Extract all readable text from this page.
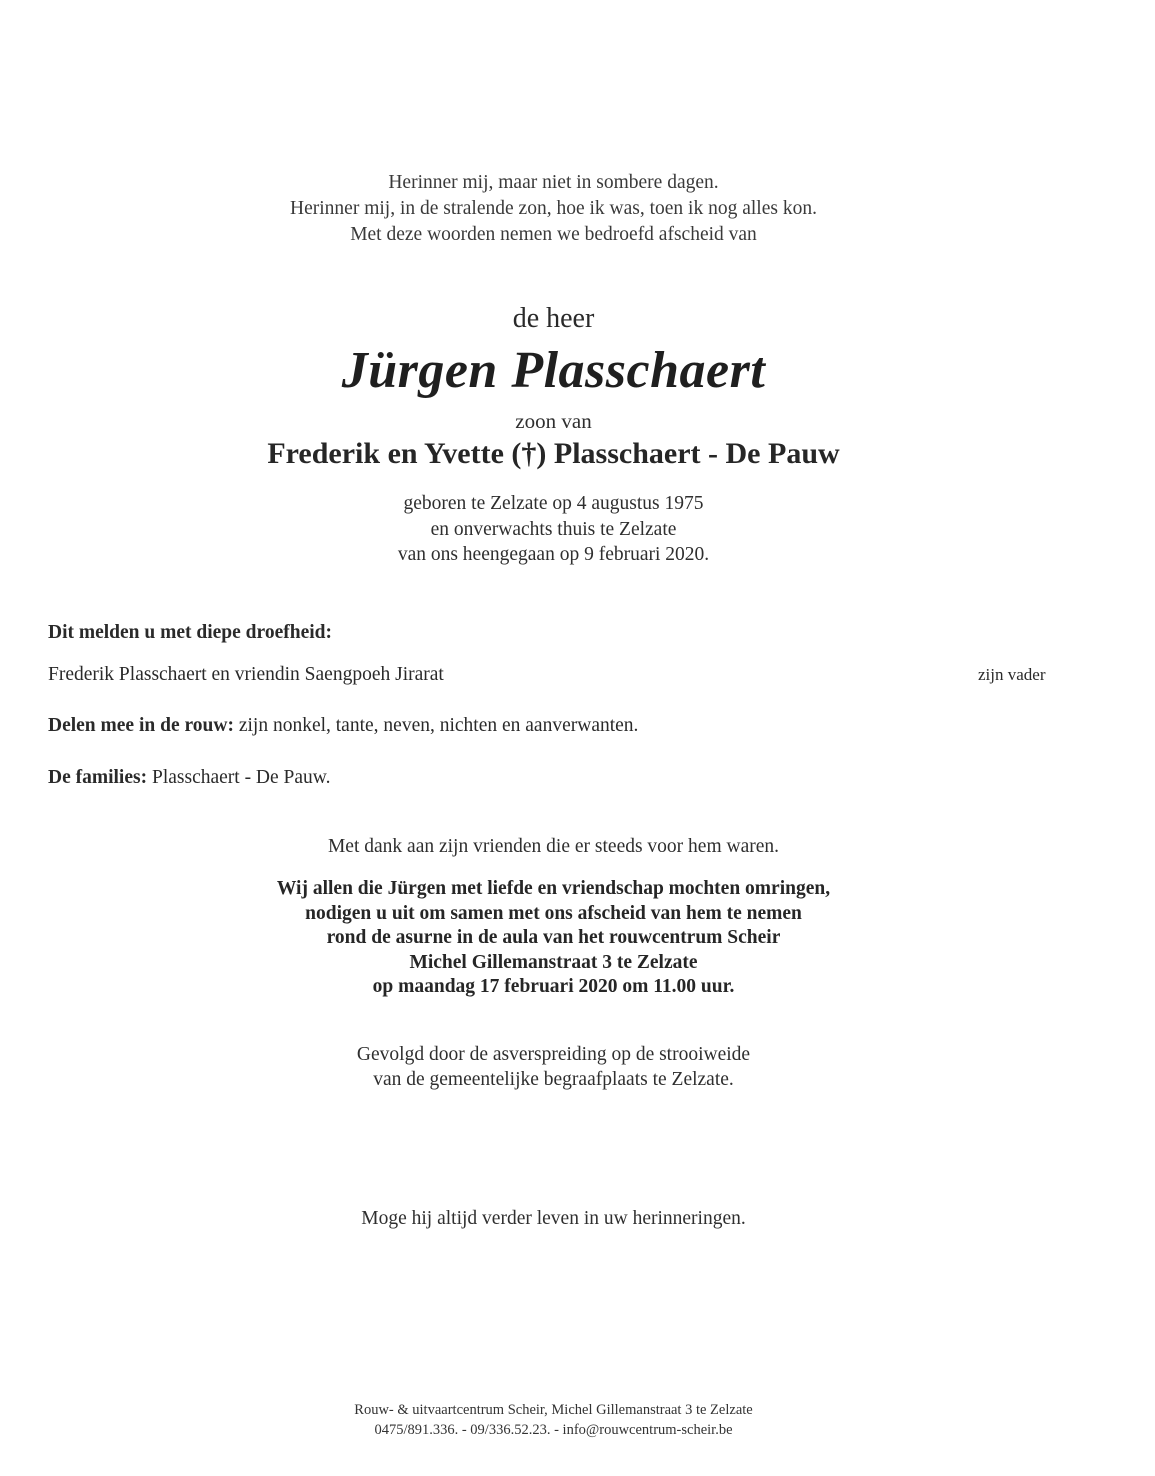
Herinner mij, maar niet in sombere dagen.
Herinner mij, in de stralende zon, hoe ik was, toen ik nog alles kon.
Met deze woorden nemen we bedroefd afscheid van
de heer
Jürgen Plasschaert
zoon van
Frederik en Yvette (†) Plasschaert - De Pauw
geboren te Zelzate op 4 augustus 1975
en onverwachts thuis te Zelzate
van ons heengegaan op 9 februari 2020.
Dit melden u met diepe droefheid:
Frederik Plasschaert en vriendin Saengpoeh Jirarat	zijn vader
Delen mee in de rouw: zijn nonkel, tante, neven, nichten en aanverwanten.
De families: Plasschaert - De Pauw.
Met dank aan zijn vrienden die er steeds voor hem waren.
Wij allen die Jürgen met liefde en vriendschap mochten omringen,
nodigen u uit om samen met ons afscheid van hem te nemen
rond de asurne in de aula van het rouwcentrum Scheir
Michel Gillemanstraat 3 te Zelzate
op maandag 17 februari 2020 om 11.00 uur.
Gevolgd door de asverspreiding op de strooiweide
van de gemeentelijke begraafplaats te Zelzate.
Moge hij altijd verder leven in uw herinneringen.
Rouw- & uitvaartcentrum Scheir, Michel Gillemanstraat 3 te Zelzate
0475/891.336. - 09/336.52.23. - info@rouwcentrum-scheir.be
